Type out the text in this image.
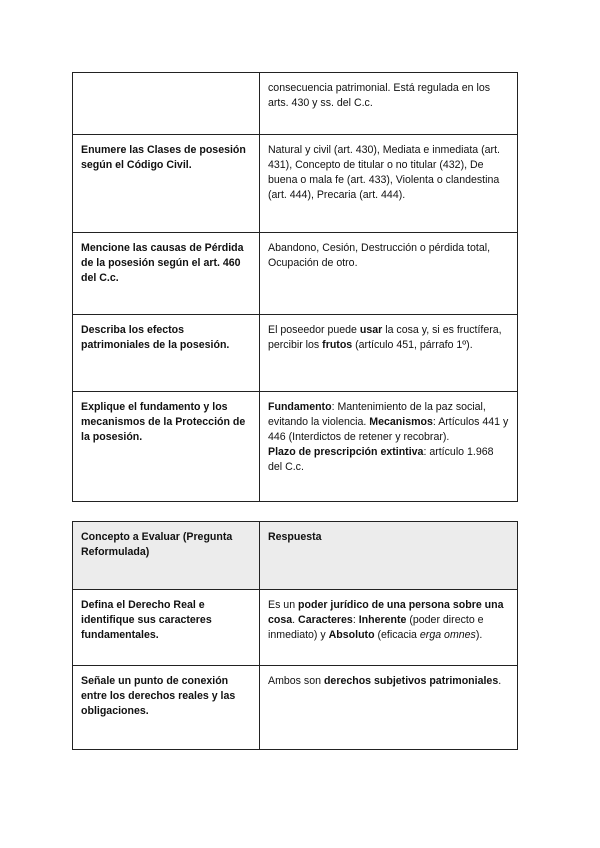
	consecuencia patrimonial. Está regulada en los arts. 430 y ss. del C.c.
Enumere las Clases de posesión según el Código Civil.	Natural y civil (art. 430), Mediata e inmediata (art. 431), Concepto de titular o no titular (432), De buena o mala fe (art. 433), Violenta o clandestina (art. 444), Precaria (art. 444).
Mencione las causas de Pérdida de la posesión según el art. 460 del C.c.	Abandono, Cesión, Destrucción o pérdida total, Ocupación de otro.
Describa los efectos patrimoniales de la posesión.	El poseedor puede usar la cosa y, si es fructífera, percibir los frutos (artículo 451, párrafo 1º).
Explique el fundamento y los mecanismos de la Protección de la posesión.	Fundamento: Mantenimiento de la paz social, evitando la violencia. Mecanismos: Artículos 441 y 446 (Interdictos de retener y recobrar).
Plazo de prescripción extintiva: artículo 1.968 del C.c.
Concepto a Evaluar (Pregunta Reformulada)	Respuesta
Defina el Derecho Real e identifique sus caracteres fundamentales.	Es un poder jurídico de una persona sobre una cosa. Caracteres: Inherente (poder directo e inmediato) y Absoluto (eficacia erga omnes).
Señale un punto de conexión entre los derechos reales y las obligaciones.	Ambos son derechos subjetivos patrimoniales.
